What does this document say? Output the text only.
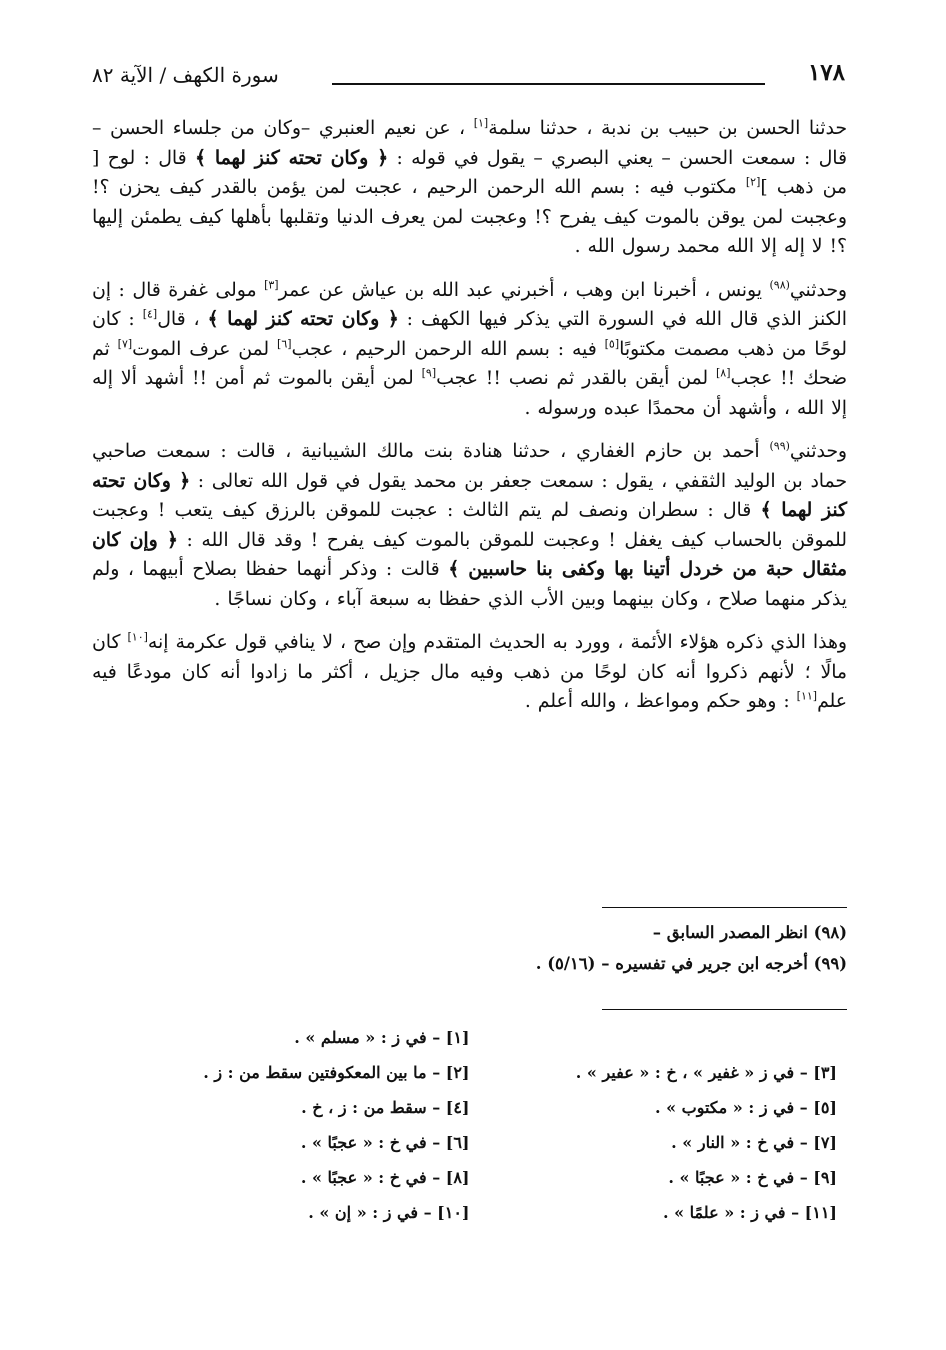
١٧٨
سورة الكهف / الآية ٨٢

حدثنا الحسن بن حبيب بن ندبة ، حدثنا سلمة[١] ، عن نعيم العنبري –وكان من جلساء الحسن – قال : سمعت الحسن – يعني البصري – يقول في قوله : ﴿ وكان تحته كنز لهما ﴾ قال : لوح [ من ذهب ][٢] مكتوب فيه : بسم الله الرحمن الرحيم ، عجبت لمن يؤمن بالقدر كيف يحزن ؟! وعجبت لمن يوقن بالموت كيف يفرح ؟! وعجبت لمن يعرف الدنيا وتقلبها بأهلها كيف يطمئن إليها ؟! لا إله إلا الله محمد رسول الله .

وحدثني$^{(٩٨)}$ يونس ، أخبرنا ابن وهب ، أخبرني عبد الله بن عياش عن عمر[٣] مولى غفرة قال : إن الكنز الذي قال الله في السورة التي يذكر فيها الكهف : ﴿ وكان تحته كنز لهما ﴾ ، قال[٤] : كان لوحًا من ذهب مصمت مكتوبًا[٥] فيه : بسم الله الرحمن الرحيم ، عجب[٦] لمن عرف الموت[٧] ثم ضحك !! عجب[٨] لمن أيقن بالقدر ثم نصب !! عجب[٩] لمن أيقن بالموت ثم أمن !! أشهد ألا إله إلا الله ، وأشهد أن محمدًا عبده ورسوله .

وحدثني$^{(٩٩)}$ أحمد بن حازم الغفاري ، حدثنا هنادة بنت مالك الشيبانية ، قالت : سمعت صاحبي حماد بن الوليد الثقفي ، يقول : سمعت جعفر بن محمد يقول في قول الله تعالى : ﴿ وكان تحته كنز لهما ﴾ قال : سطران ونصف لم يتم الثالث : عجبت للموقن بالرزق كيف يتعب ! وعجبت للموقن بالحساب كيف يغفل ! وعجبت للموقن بالموت كيف يفرح ! وقد قال الله : ﴿ وإن كان مثقال حبة من خردل أتينا بها وكفى بنا حاسبين ﴾ قالت : وذكر أنهما حفظا بصلاح أبيهما ، ولم يذكر منهما صلاح ، وكان بينهما وبين الأب الذي حفظا به سبعة آباء ، وكان نساجًا .

وهذا الذي ذكره هؤلاء الأئمة ، وورد به الحديث المتقدم وإن صح ، لا ينافي قول عكرمة إنه[١٠] كان مالًا ؛ لأنهم ذكروا أنه كان لوحًا من ذهب وفيه مال جزيل ، أكثر ما زادوا أنه كان مودعًا فيه علم[١١] : وهو حكم ومواعظ ، والله أعلم .

(٩٨) انظر المصدر السابق –

(٩٩) أخرجه ابن جرير في تفسيره – (٥/١٦) .

[١] – في ز : « مسلم » .
[٢] – ما بين المعكوفتين سقط من : ز .	[٣] – في ز « غفير » ، خ : « عفير » .
[٤] – سقط من : ز ، خ .	[٥] – في ز : « مكتوب » .
[٦] – في خ : « عجبًا » .	[٧] – في خ : « النار » .
[٨] – في خ : « عجبًا » .	[٩] – في خ : « عجبًا » .
[١٠] – في ز : « إن » .	[١١] – في ز : « علمًا » .
